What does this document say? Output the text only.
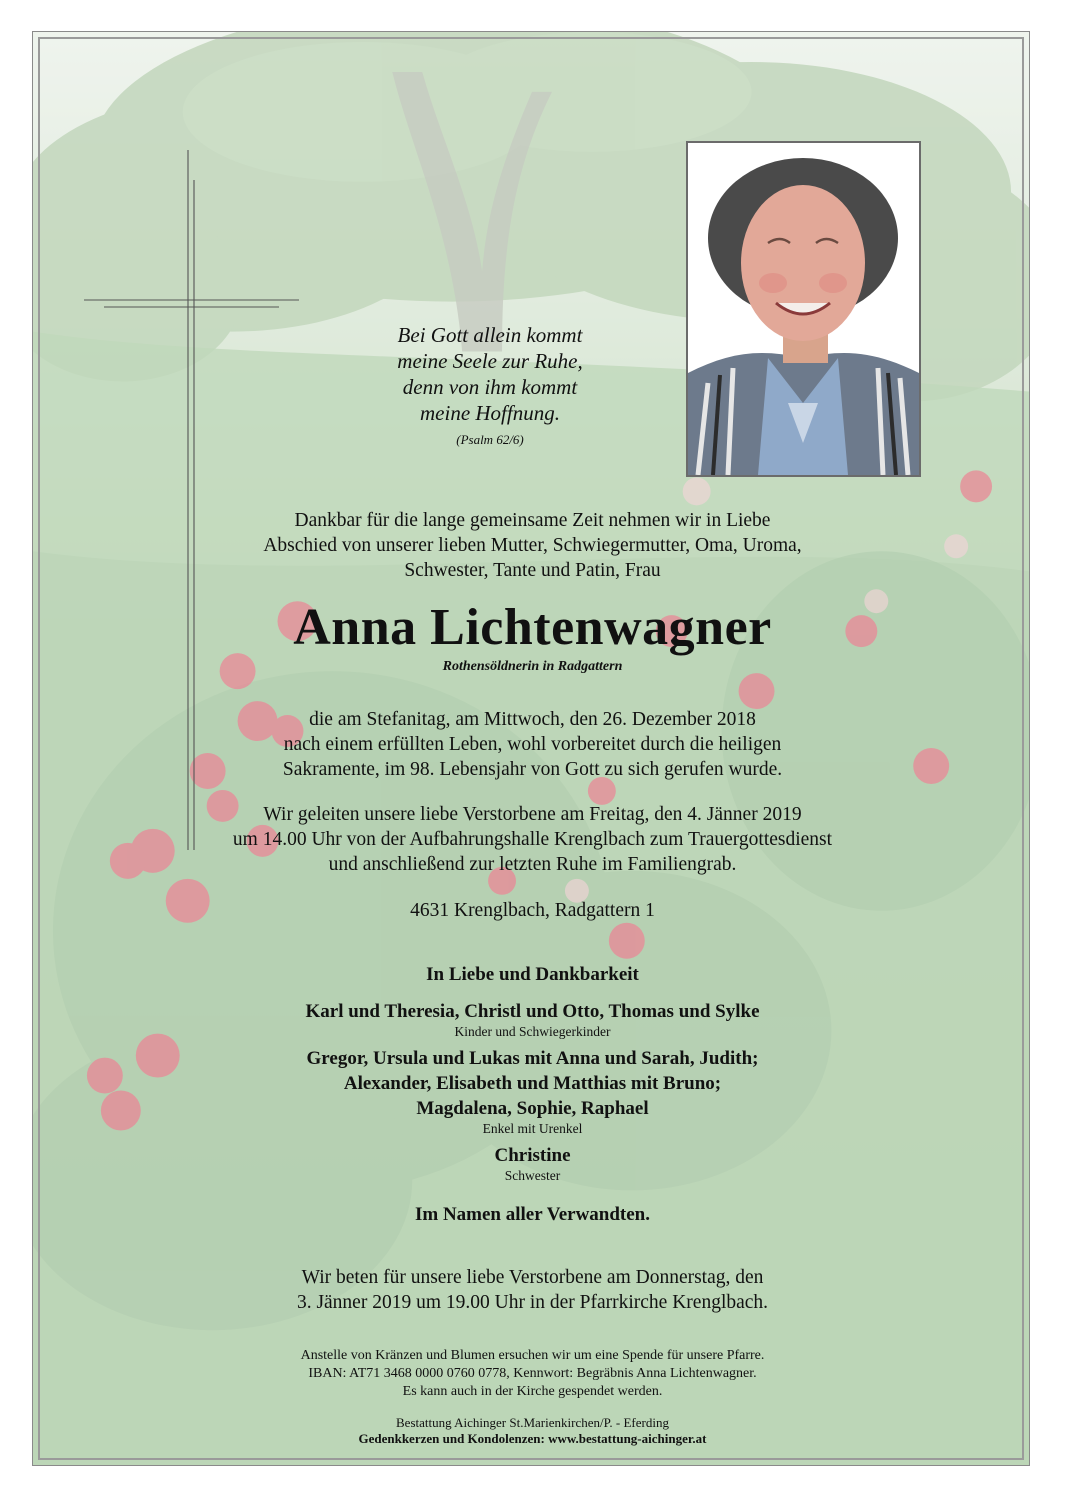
Bei Gott allein kommt
meine Seele zur Ruhe,
denn von ihm kommt
meine Hoffnung.
(Psalm 62/6)
Dankbar für die lange gemeinsame Zeit nehmen wir in Liebe
Abschied von unserer lieben Mutter, Schwiegermutter, Oma, Uroma,
Schwester, Tante und Patin, Frau
Anna Lichtenwagner
Rothensöldnerin in Radgattern
die am Stefanitag, am Mittwoch, den 26. Dezember 2018
nach einem erfüllten Leben, wohl vorbereitet durch die heiligen
Sakramente, im 98. Lebensjahr von Gott zu sich gerufen wurde.
Wir geleiten unsere liebe Verstorbene am Freitag, den 4. Jänner 2019
um 14.00 Uhr von der Aufbahrungshalle Krenglbach zum Trauergottesdienst
und anschließend zur letzten Ruhe im Familiengrab.
4631 Krenglbach, Radgattern 1
In Liebe und Dankbarkeit
Karl und Theresia, Christl und Otto, Thomas und Sylke
Kinder und Schwiegerkinder
Gregor, Ursula und Lukas mit Anna und Sarah, Judith;
Alexander, Elisabeth und Matthias mit Bruno;
Magdalena, Sophie, Raphael
Enkel mit Urenkel
Christine
Schwester
Im Namen aller Verwandten.
Wir beten für unsere liebe Verstorbene am Donnerstag, den
3. Jänner 2019 um 19.00 Uhr in der Pfarrkirche Krenglbach.
Anstelle von Kränzen und Blumen ersuchen wir um eine Spende für unsere Pfarre.
IBAN: AT71 3468 0000 0760 0778, Kennwort: Begräbnis Anna Lichtenwagner.
Es kann auch in der Kirche gespendet werden.
Bestattung Aichinger St.Marienkirchen/P. - Eferding
Gedenkkerzen und Kondolenzen: www.bestattung-aichinger.at
